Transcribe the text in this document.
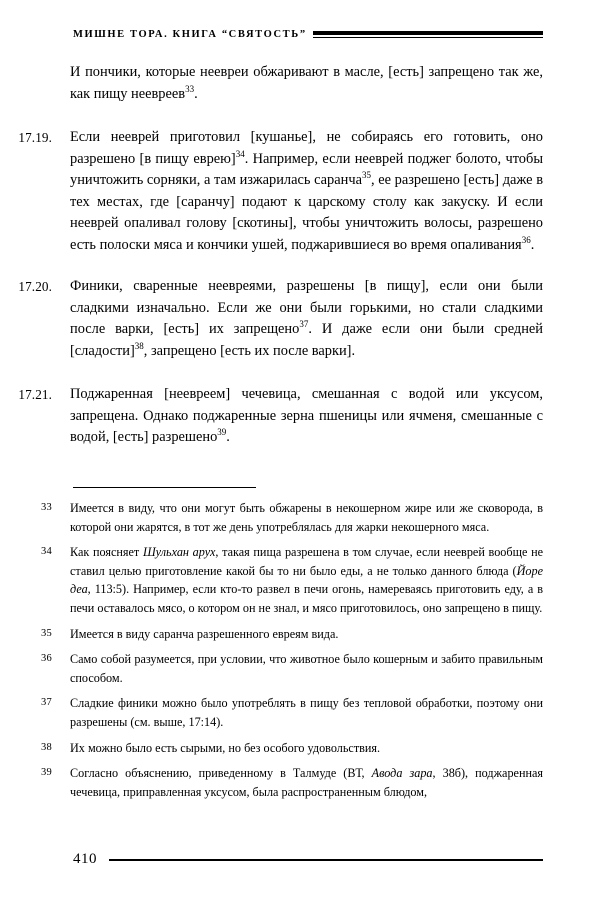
МИШНЕ ТОРА. КНИГА “СВЯТОСТЬ”
И пончики, которые неевреи обжаривают в масле, [есть] запрещено так же, как пищу неевреев$^{33}$.
17.19. Если нееврей приготовил [кушанье], не собираясь его готовить, оно разрешено [в пищу еврею]$^{34}$. Например, если нееврей поджег болото, чтобы уничтожить сорняки, а там изжарилась саранча$^{35}$, ее разрешено [есть] даже в тех местах, где [саранчу] подают к царскому столу как закуску. И если нееврей опаливал голову [скотины], чтобы уничтожить волосы, разрешено есть полоски мяса и кончики ушей, поджарившиеся во время опаливания$^{36}$.
17.20. Финики, сваренные неевреями, разрешены [в пищу], если они были сладкими изначально. Если же они были горькими, но стали сладкими после варки, [есть] их запрещено$^{37}$. И даже если они были средней [сладости]$^{38}$, запрещено [есть их после варки].
17.21. Поджаренная [неевреем] чечевица, смешанная с водой или уксусом, запрещена. Однако поджаренные зерна пшеницы или ячменя, смешанные с водой, [есть] разрешено$^{39}$.
33 Имеется в виду, что они могут быть обжарены в некошерном жире или же сковорода, в которой они жарятся, в тот же день употреблялась для жарки некошерного мяса.
34 Как поясняет Шульхан арух, такая пища разрешена в том случае, если нееврей вообще не ставил целью приготовление какой бы то ни было еды, а не только данного блюда (Йоре деа, 113:5). Например, если кто-то развел в печи огонь, намереваясь приготовить еду, а в печи оставалось мясо, о котором он не знал, и мясо приготовилось, оно запрещено в пищу.
35 Имеется в виду саранча разрешенного евреям вида.
36 Само собой разумеется, при условии, что животное было кошерным и забито правильным способом.
37 Сладкие финики можно было употреблять в пищу без тепловой обработки, поэтому они разрешены (см. выше, 17:14).
38 Их можно было есть сырыми, но без особого удовольствия.
39 Согласно объяснению, приведенному в Талмуде (ВТ, Авода зара, 38б), поджаренная чечевица, приправленная уксусом, была распространенным блюдом,
410
